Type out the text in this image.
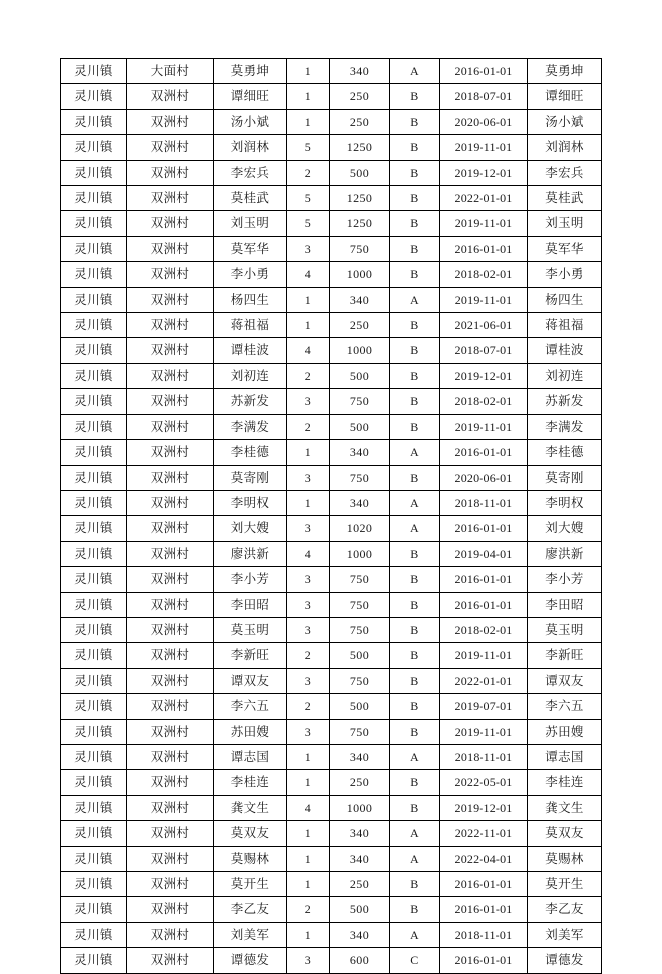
灵川镇	大面村	莫勇坤	1	340	A	2016-01-01	莫勇坤
灵川镇	双洲村	谭细旺	1	250	B	2018-07-01	谭细旺
灵川镇	双洲村	汤小斌	1	250	B	2020-06-01	汤小斌
灵川镇	双洲村	刘润林	5	1250	B	2019-11-01	刘润林
灵川镇	双洲村	李宏兵	2	500	B	2019-12-01	李宏兵
灵川镇	双洲村	莫桂武	5	1250	B	2022-01-01	莫桂武
灵川镇	双洲村	刘玉明	5	1250	B	2019-11-01	刘玉明
灵川镇	双洲村	莫军华	3	750	B	2016-01-01	莫军华
灵川镇	双洲村	李小勇	4	1000	B	2018-02-01	李小勇
灵川镇	双洲村	杨四生	1	340	A	2019-11-01	杨四生
灵川镇	双洲村	蒋祖福	1	250	B	2021-06-01	蒋祖福
灵川镇	双洲村	谭桂波	4	1000	B	2018-07-01	谭桂波
灵川镇	双洲村	刘初连	2	500	B	2019-12-01	刘初连
灵川镇	双洲村	苏新发	3	750	B	2018-02-01	苏新发
灵川镇	双洲村	李满发	2	500	B	2019-11-01	李满发
灵川镇	双洲村	李桂德	1	340	A	2016-01-01	李桂德
灵川镇	双洲村	莫寄刚	3	750	B	2020-06-01	莫寄刚
灵川镇	双洲村	李明权	1	340	A	2018-11-01	李明权
灵川镇	双洲村	刘大嫂	3	1020	A	2016-01-01	刘大嫂
灵川镇	双洲村	廖洪新	4	1000	B	2019-04-01	廖洪新
灵川镇	双洲村	李小芳	3	750	B	2016-01-01	李小芳
灵川镇	双洲村	李田昭	3	750	B	2016-01-01	李田昭
灵川镇	双洲村	莫玉明	3	750	B	2018-02-01	莫玉明
灵川镇	双洲村	李新旺	2	500	B	2019-11-01	李新旺
灵川镇	双洲村	谭双友	3	750	B	2022-01-01	谭双友
灵川镇	双洲村	李六五	2	500	B	2019-07-01	李六五
灵川镇	双洲村	苏田嫂	3	750	B	2019-11-01	苏田嫂
灵川镇	双洲村	谭志国	1	340	A	2018-11-01	谭志国
灵川镇	双洲村	李桂连	1	250	B	2022-05-01	李桂连
灵川镇	双洲村	龚文生	4	1000	B	2019-12-01	龚文生
灵川镇	双洲村	莫双友	1	340	A	2022-11-01	莫双友
灵川镇	双洲村	莫赐林	1	340	A	2022-04-01	莫赐林
灵川镇	双洲村	莫开生	1	250	B	2016-01-01	莫开生
灵川镇	双洲村	李乙友	2	500	B	2016-01-01	李乙友
灵川镇	双洲村	刘美军	1	340	A	2018-11-01	刘美军
灵川镇	双洲村	谭德发	3	600	C	2016-01-01	谭德发
